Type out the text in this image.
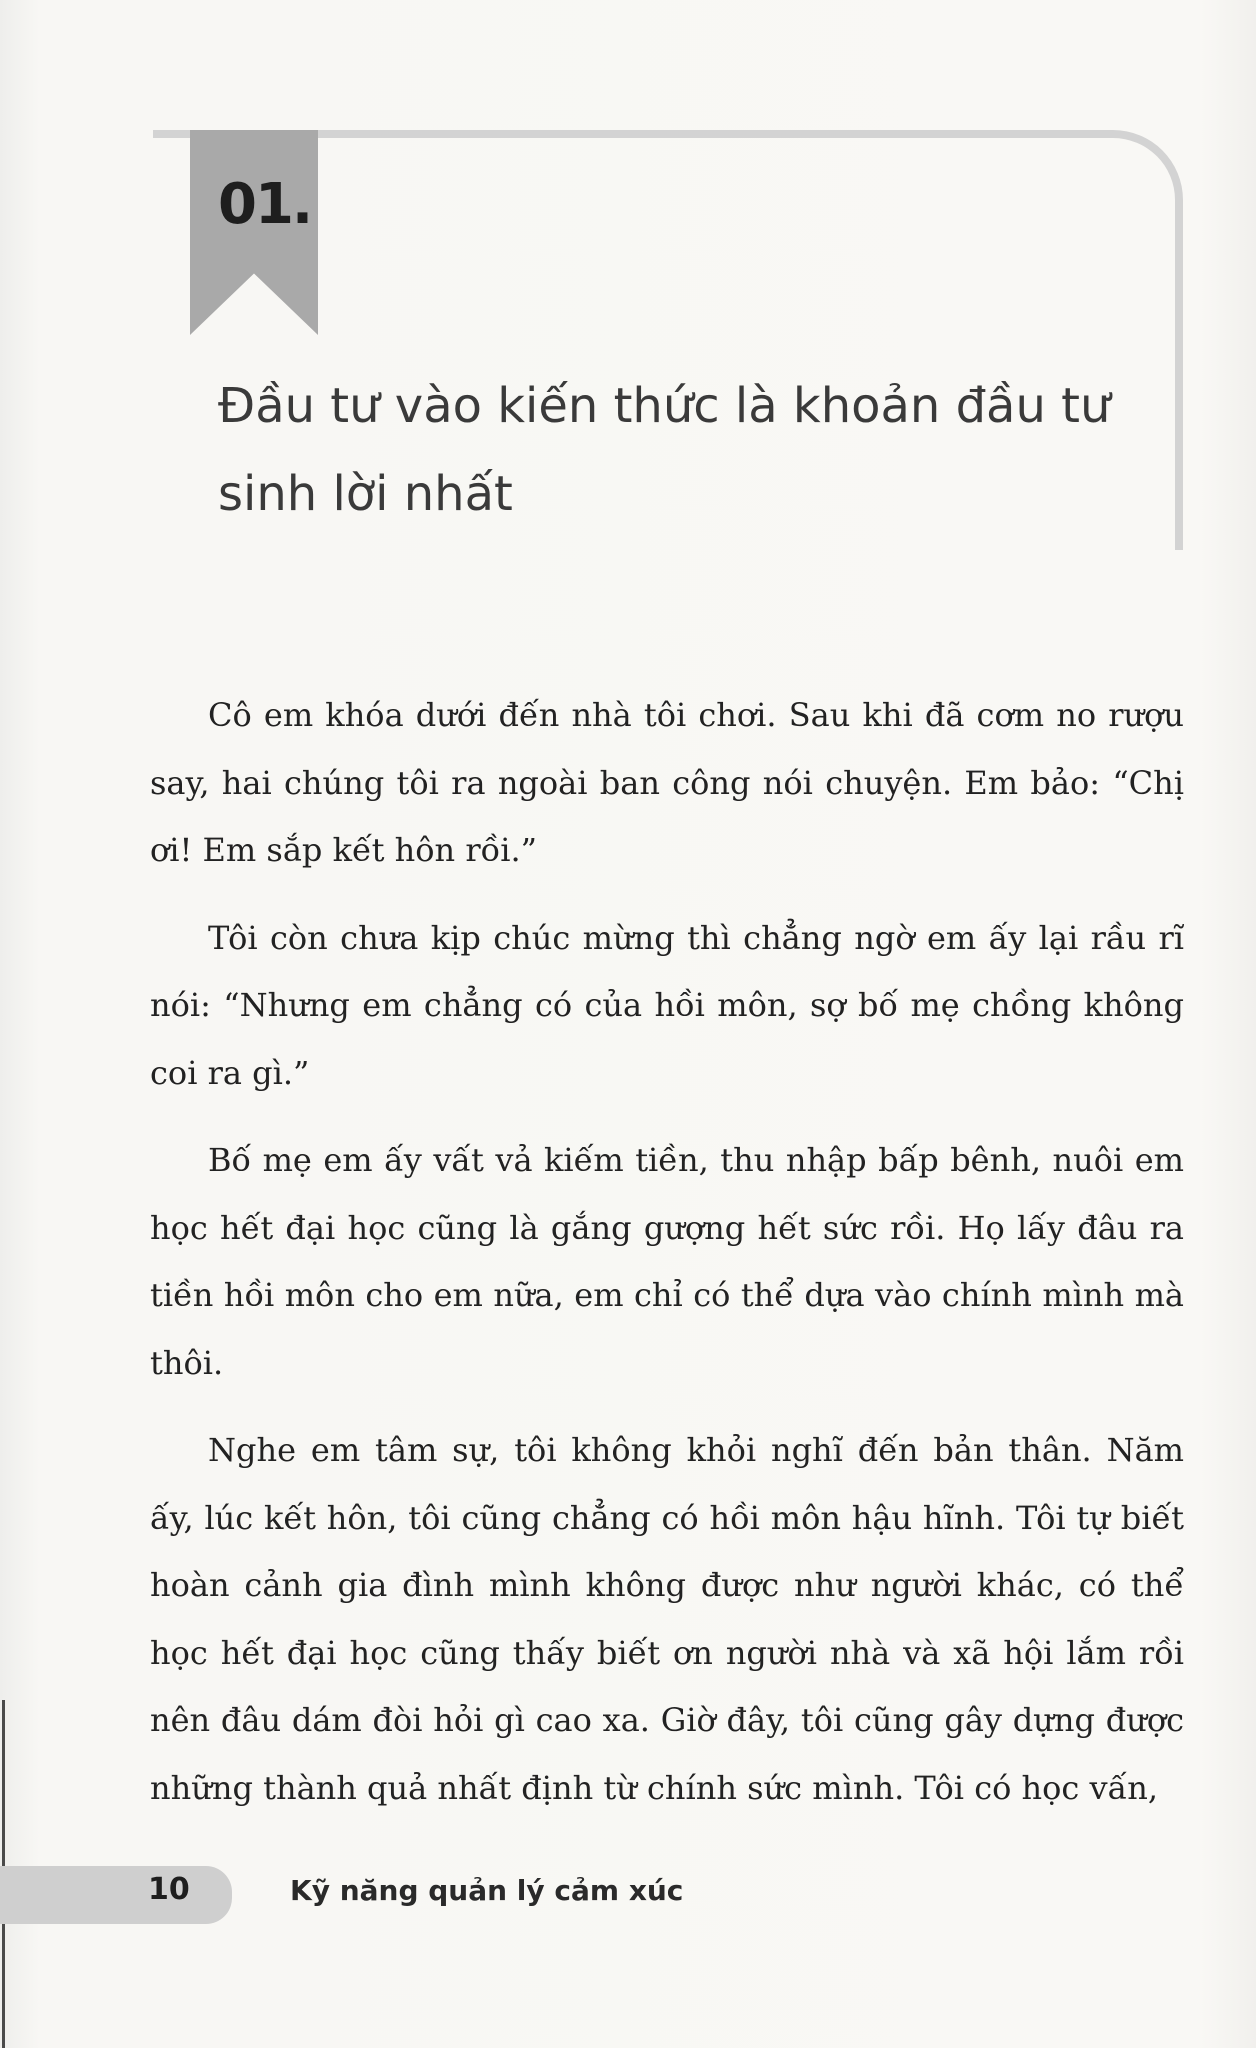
01.
Đầu tư vào kiến thức là khoản đầu tư
sinh lời nhất

Cô em khóa dưới đến nhà tôi chơi. Sau khi đã cơm no rượu say, hai chúng tôi ra ngoài ban công nói chuyện. Em bảo: “Chị ơi! Em sắp kết hôn rồi.”

Tôi còn chưa kịp chúc mừng thì chẳng ngờ em ấy lại rầu rĩ nói: “Nhưng em chẳng có của hồi môn, sợ bố mẹ chồng không coi ra gì.”

Bố mẹ em ấy vất vả kiếm tiền, thu nhập bấp bênh, nuôi em học hết đại học cũng là gắng gượng hết sức rồi. Họ lấy đâu ra tiền hồi môn cho em nữa, em chỉ có thể dựa vào chính mình mà thôi.

Nghe em tâm sự, tôi không khỏi nghĩ đến bản thân. Năm ấy, lúc kết hôn, tôi cũng chẳng có hồi môn hậu hĩnh. Tôi tự biết hoàn cảnh gia đình mình không được như người khác, có thể học hết đại học cũng thấy biết ơn người nhà và xã hội lắm rồi nên đâu dám đòi hỏi gì cao xa. Giờ đây, tôi cũng gây dựng được những thành quả nhất định từ chính sức mình. Tôi có học vấn,

10	Kỹ năng quản lý cảm xúc
